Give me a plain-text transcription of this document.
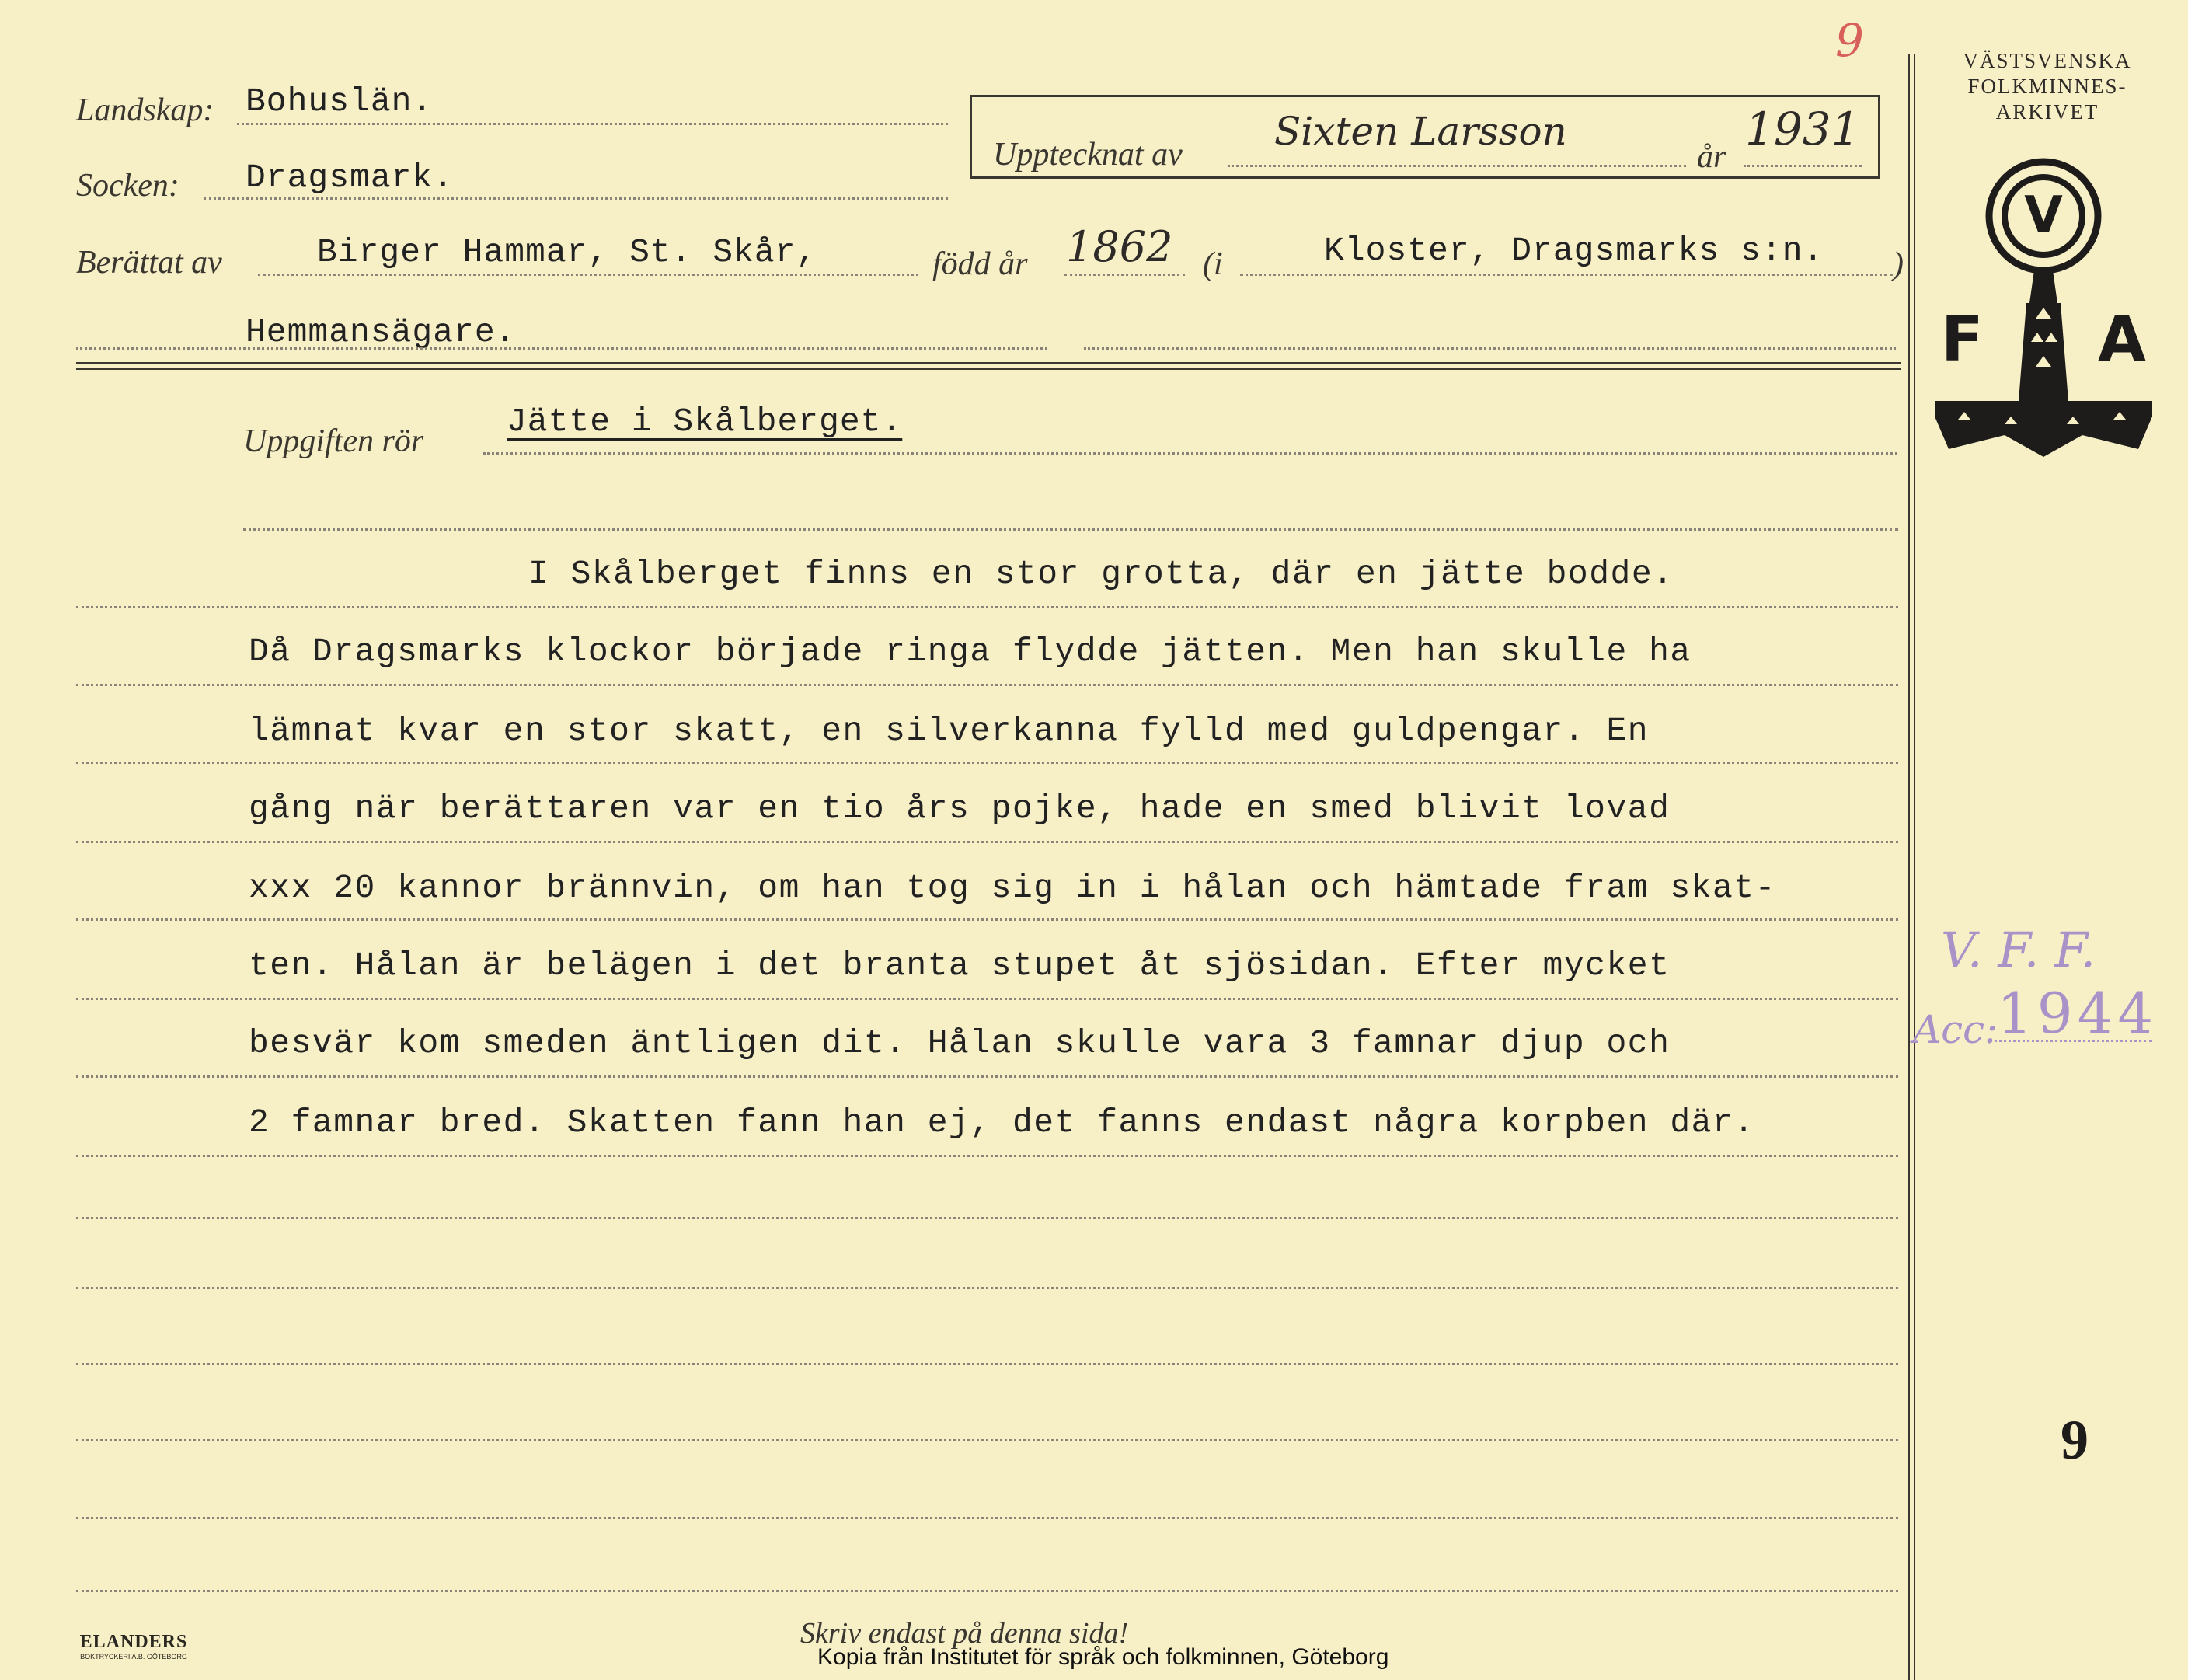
9
Landskap: Bohuslän.
Socken: Dragsmark.
Upptecknat av
Sixten Larsson
år
1931
Berättat av	Birger Hammar, St. Skår,	född år 1862 (i	Kloster, Dragsmarks s:n. )
Hemmansägare.
Uppgiften rör
Jätte i Skålberget.
I Skålberget finns en stor grotta, där en jätte bodde.
Då Dragsmarks klockor började ringa flydde jätten. Men han skulle ha
lämnat kvar en stor skatt, en silverkanna fylld med guldpengar. En
gång när berättaren var en tio års pojke, hade en smed blivit lovad
xxx 20 kannor brännvin, om han tog sig in i hålan och hämtade fram skat-
ten. Hålan är belägen i det branta stupet åt sjösidan. Efter mycket
besvär kom smeden äntligen dit. Hålan skulle vara 3 famnar djup och
2 famnar bred. Skatten fann han ej, det fanns endast några korpben där.
VÄSTSVENSKA
FOLKMINNES-
ARKIVET
V
F A
V. F. F.
Acc: 1944
9
ELANDERS
BOKTRYCKERI A.B. GÖTEBORG
Skriv endast på denna sida!
Kopia från Institutet för språk och folkminnen, Göteborg
